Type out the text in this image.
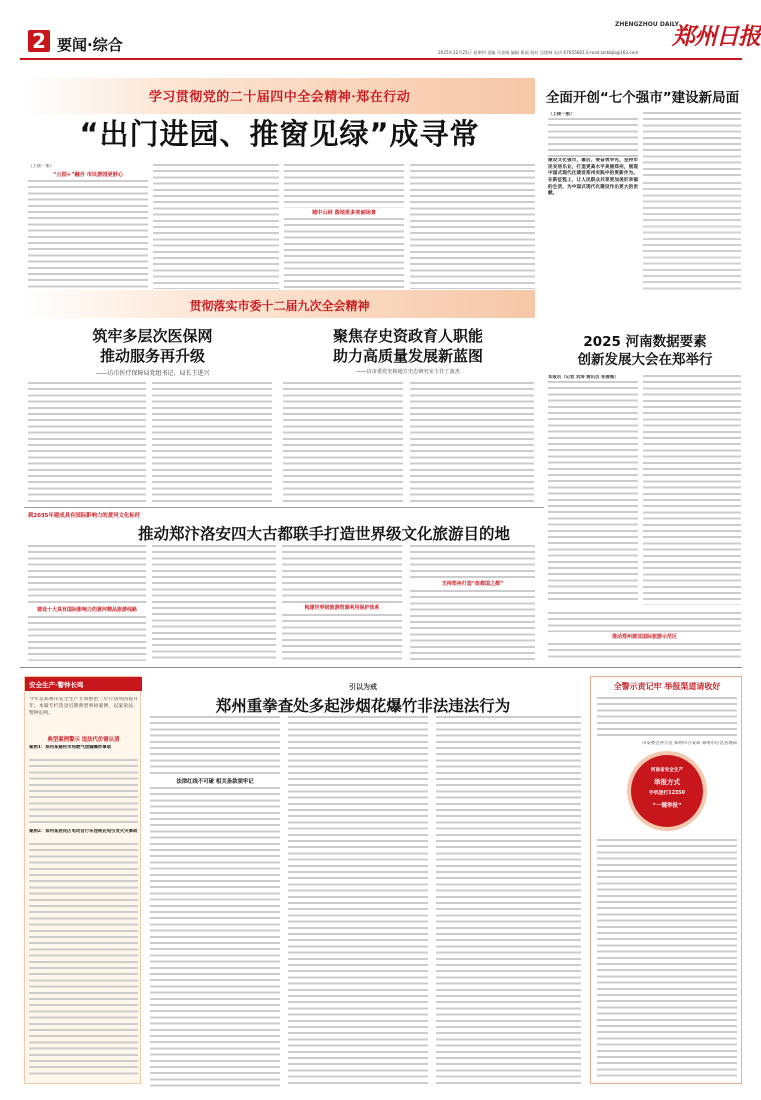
2 要闻·综合
ZHENGZHOU DAILY
郑州日报
2025年12月25日 星期四 责编 马金瑞 编辑 曹丽 校对 吴俊韩 电话 67655661 E-mail:zzrbbjb@163.com
学习贯彻党的二十届四中全会精神·郑在行动
“出门进园、推窗见绿”成寻常
（上接一版）
“公园+”融合 市民游园更舒心
城中山林 落地更多美丽场景
全面开创“七个强市”建设新局面
（上接一版）
建设文化强市，最后，要奋勇争先，坚持市民安居乐业，打造更高水平美丽郑州，展现中国式现代化建设郑州实践中的更新作为。在新征程上，让人民群众共享更加美好幸福的生活，为中国式现代化建设作出更大的贡献。
贯彻落实市委十二届九次全会精神
筑牢多层次医保网
推动服务再升级
——访市医疗保障局党组书记、局长王进兴
聚焦存史资政育人职能
助力高质量发展新蓝图
——访市委党史和地方史志研究室主任丁波杰
2025 河南数据要素
创新发展大会在郑举行
本报讯（记者 刘涛 通讯员 张珊珊）
到2035年建成具有国际影响力的黄河文化标杆
推动郑汴洛安四大古都联手打造世界级文化旅游目的地
建设十大具有国际影响力的黄河精品旅游线路	构建世界级旅游资源利用保护体系
支持郑州打造“故都国之都”
推动郑州建设国际旅游示范区
安全生产·警钟长鸣
今年是郑州市安全生产专项整治三年行动巩固提升年。本版专栏选登近期典型事故案例，以案说法、警钟长鸣。
典型案例警示 违法代价需认清
案例1：郑州某建材市场燃气泄漏爆炸事故
案例2：郑州某居民区电动自行车违规充电引发火灾事故
引以为戒
郑州重拳查处多起涉烟花爆竹非法违法行为
法律红线不可碰 相关条款须牢记
全警示责记牢 举报渠道请收好
市安委会办公室 郑州市公安局 郑州市应急管理局
河南省安全生产
举报方式
手机拨打12350
“一键举报”
